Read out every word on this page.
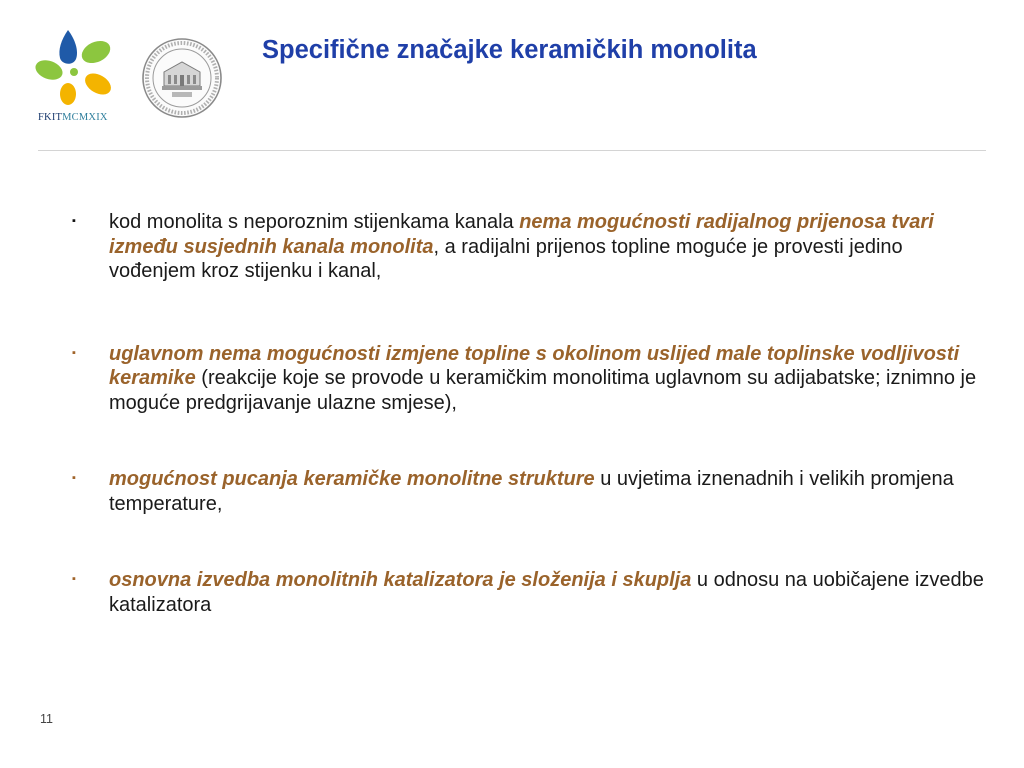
FKITMCMXIX
Specifične značajke keramičkih monolita
▪ kod monolita s neporoznim stijenkama kanala nema mogućnosti radijalnog prijenosa tvari između susjednih kanala monolita, a radijalni prijenos topline moguće je provesti jedino vođenjem kroz stijenku i kanal,
▪ uglavnom nema mogućnosti izmjene topline s okolinom uslijed male toplinske vodljivosti keramike (reakcije koje se provode u keramičkim monolitima uglavnom su adijabatske; iznimno je moguće predgrijavanje ulazne smjese),
▪ mogućnost pucanja keramičke monolitne strukture u uvjetima iznenadnih i velikih promjena temperature,
▪ osnovna izvedba monolitnih katalizatora je složenija i skuplja u odnosu na uobičajene izvedbe katalizatora
11
